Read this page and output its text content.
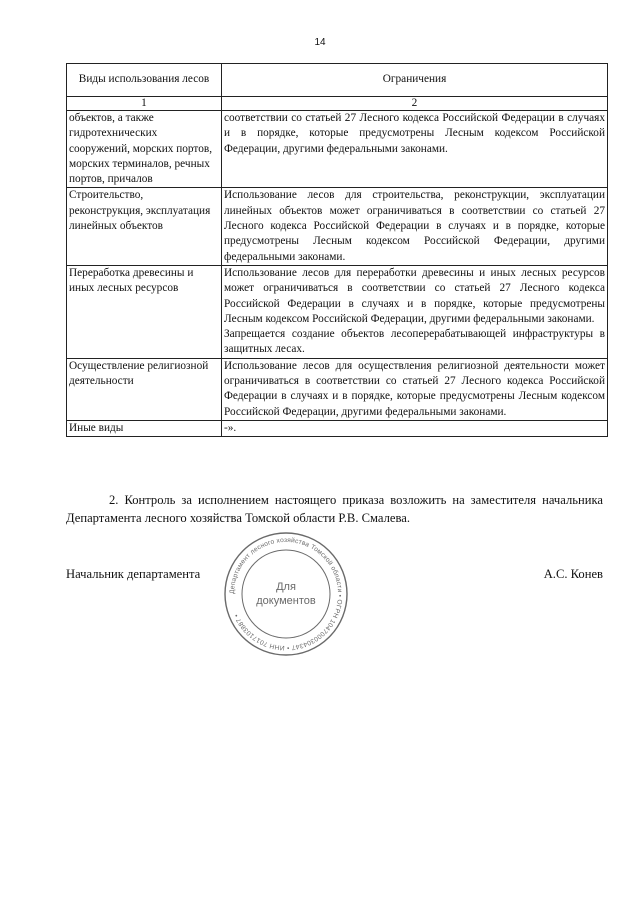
14
Виды использования лесов	Ограничения
1	2

объектов, а также гидротехнических сооружений, морских портов, морских терминалов, речных портов, причалов	соответствии со статьей 27 Лесного кодекса Российской Федерации в случаях и в порядке, которые предусмотрены Лесным кодексом Российской Федерации, другими федеральными законами.

Строительство, реконструкция, эксплуатация линейных объектов	Использование лесов для строительства, реконструкции, эксплуатации линейных объектов может ограничиваться в соответствии со статьей 27 Лесного кодекса Российской Федерации в случаях и в порядке, которые предусмотрены Лесным кодексом Российской Федерации, другими федеральными законами.

Переработка древесины и иных лесных ресурсов	Использование лесов для переработки древесины и иных лесных ресурсов может ограничиваться в соответствии со статьей 27 Лесного кодекса Российской Федерации в случаях и в порядке, которые предусмотрены Лесным кодексом Российской Федерации, другими федеральными законами.
Запрещается создание объектов лесоперерабатывающей инфраструктуры в защитных лесах.

Осуществление религиозной деятельности	Использование лесов для осуществления религиозной деятельности может ограничиваться в соответствии со статьей 27 Лесного кодекса Российской Федерации в случаях и в порядке, которые предусмотрены Лесным кодексом Российской Федерации, другими федеральными законами.

Иные виды	-».
2. Контроль за исполнением настоящего приказа возложить на заместителя начальника Департамента лесного хозяйства Томской области Р.В. Смалева.
Начальник департамента	А.С. Конев
Департамент лесного хозяйства Томской области • ОГРН 1047000304347 • ИНН 7017103887 •
Для
документов
